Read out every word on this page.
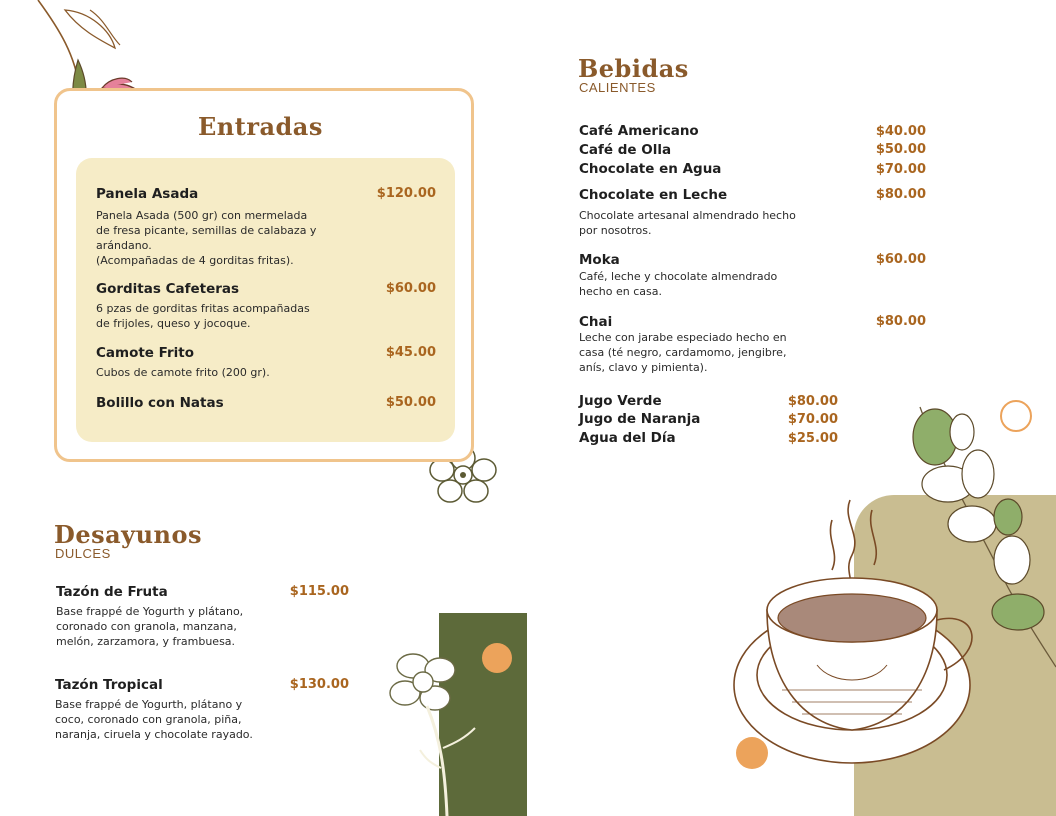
Entradas
Panela Asada	$120.00
Panela Asada (500 gr) con mermelada
de fresa picante, semillas de calabaza y
arándano.
(Acompañadas de 4 gorditas fritas).
Gorditas Cafeteras	$60.00
6 pzas de gorditas fritas acompañadas
de frijoles, queso y jocoque.
Camote Frito	$45.00
Cubos de camote frito (200 gr).
Bolillo con Natas	$50.00
Desayunos
DULCES
Tazón de Fruta	$115.00
Base frappé de Yogurth y plátano,
coronado con granola, manzana,
melón, zarzamora, y frambuesa.
Tazón Tropical	$130.00
Base frappé de Yogurth, plátano y
coco, coronado con granola, piña,
naranja, ciruela y chocolate rayado.
Bebidas
CALIENTES
Café Americano	$40.00
Café de Olla	$50.00
Chocolate en Agua	$70.00
Chocolate en Leche	$80.00
Chocolate artesanal almendrado hecho
por nosotros.
Moka	$60.00
Café, leche y chocolate almendrado
hecho en casa.
Chai	$80.00
Leche con jarabe especiado hecho en
casa (té negro, cardamomo, jengibre,
anís, clavo y pimienta).
Jugo Verde	$80.00
Jugo de Naranja	$70.00
Agua del Día	$25.00
